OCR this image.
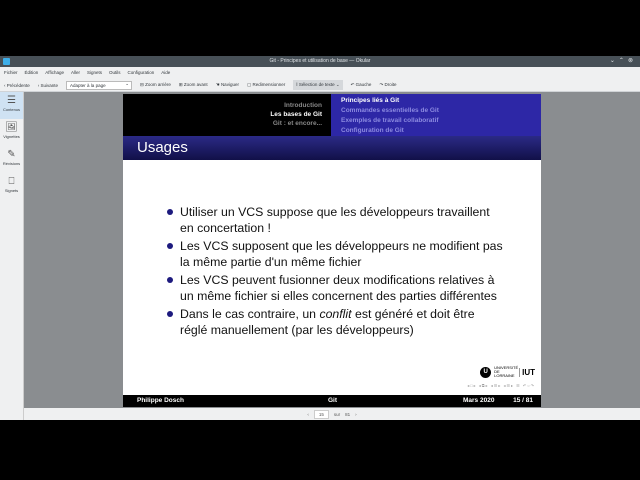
Git - Principes et utilisation de base — Okular	⌄⌃⊗
Fichier Édition Affichage Aller Signets Outils Configuration Aide
‹ Précédente › Suivante	Adapter à la page ⌄	⊟ Zoom arrière ⊞ Zoom avant ☚ Naviguer ▢ Redimensionner	Ⅰ Sélection de texte ⌄	↶ Gauche ↷ Droite
☰
Contenus
🖼
Vignettes
✎
Révisions
⎕
Signets
Introduction
Les bases de Git
Git : et encore...
Principes liés à Git
Commandes essentielles de Git
Exemples de travail collaboratif
Configuration de Git
Usages
Utiliser un VCS suppose que les développeurs travaillent en concertation !
Les VCS supposent que les développeurs ne modifient pas la même partie d'un même fichier
Les VCS peuvent fusionner deux modifications relatives à un même fichier si elles concernent des parties différentes
Dans le cas contraire, un conflit est généré et doit être réglé manuellement (par les développeurs)
U
UNIVERSITÉ DE LORRAINE IUT
◂□▸ ◂⧉▸ ◂☰▸ ◂☰▸ ☰ ↶○↷
Philippe Dosch	Git	Mars 2020	15 / 81
‹	15	sur 81 ›
